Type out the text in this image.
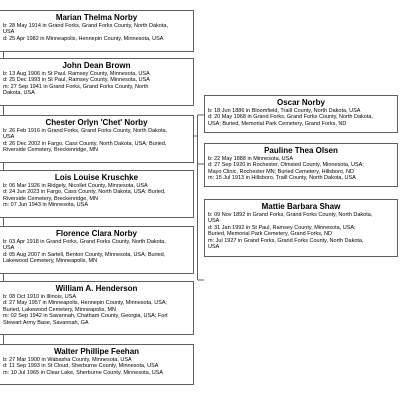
Marian Thelma Norby
b: 28 May 1914 in Grand Forks, Grand Forks County, North Dakota,
USA
d: 25 Apr 1982 in Minneapolis, Hennepin County, Minnesota, USA
John Dean Brown
b: 13 Aug 1906 in St Paul, Ramsey County, Minnesota, USA
d: 25 Dec 1993 in St Paul, Ramsey County, Minnesota, USA
m: 27 Sep 1941 in Grand Forks, Grand Forks County, North
Dakota, USA
Chester Orlyn 'Chet' Norby
b: 26 Feb 1916 in Grand Forks, Grand Forks County, North Dakota,
USA
d: 26 Dec 2002 in Fargo, Cass County, North Dakota, USA; Buried,
Riverside Cemetery, Breckenridge, MN
Lois Louise Kruschke
b: 06 Mar 1926 in Ridgely, Nicollet County, Minnesota, USA
d: 24 Jun 2023 in Fargo, Cass County, North Dakota, USA; Buried,
Riverside Cemetery, Breckenridge, MN
m: 07 Jun 1943 in Minnesota, USA
Florence Clara Norby
b: 03 Apr 1918 in Grand Forks, Grand Forks County, North Dakota,
USA
d: 05 Aug 2007 in Sartell, Benton County, Minnesota, USA; Buried,
Lakewood Cemetery, Minneapolis, MN
William A. Henderson
b: 08 Oct 1910 in Illinois, USA
d: 27 May 1957 in Minneapolis, Hennepin County, Minnesota, USA;
Buried, Lakewood Cemetery, Minneapolis, MN
m: 02 Sep 1942 in Savannah, Chatham County, Georgia, USA; Fort
Stewart Army Base, Savannah, GA
Walter Phillipe Feehan
b: 27 Mar 1900 in Wabasha County, Minnesota, USA
d: 11 Sep 1993 in St Cloud, Sherburne County, Minnesota, USA
m: 10 Jul 1965 in Clear Lake, Sherburne County, Minnesota, USA
Oscar Norby
b: 18 Jun 1886 in Bloomfield, Traill County, North Dakota, USA
d: 20 May 1968 in Grand Forks, Grand Forks County, North Dakota,
USA; Buried, Memorial Park Cemetery, Grand Forks, ND
Pauline Thea Olsen
b: 22 May 1888 in Minnesota, USA
d: 27 Sep 1920 in Rochester, Olmsted County, Minnesota, USA;
Mayo Clinic, Rochester MN; Buried Cemetery, Hillsboro, ND
m: 15 Jul 1913 in Hillsboro, Traill County, North Dakota, USA
Mattie Barbara Shaw
b: 09 Nov 1892 in Grand Forks, Grand Forks County, North Dakota,
USA
d: 31 Jan 1992 in St Paul, Ramsey County, Minnesota, USA;
Buried, Memorial Park Cemetery, Grand Forks, ND
m: Jul 1927 in Grand Forks, Grand Forks County, North Dakota,
USA
